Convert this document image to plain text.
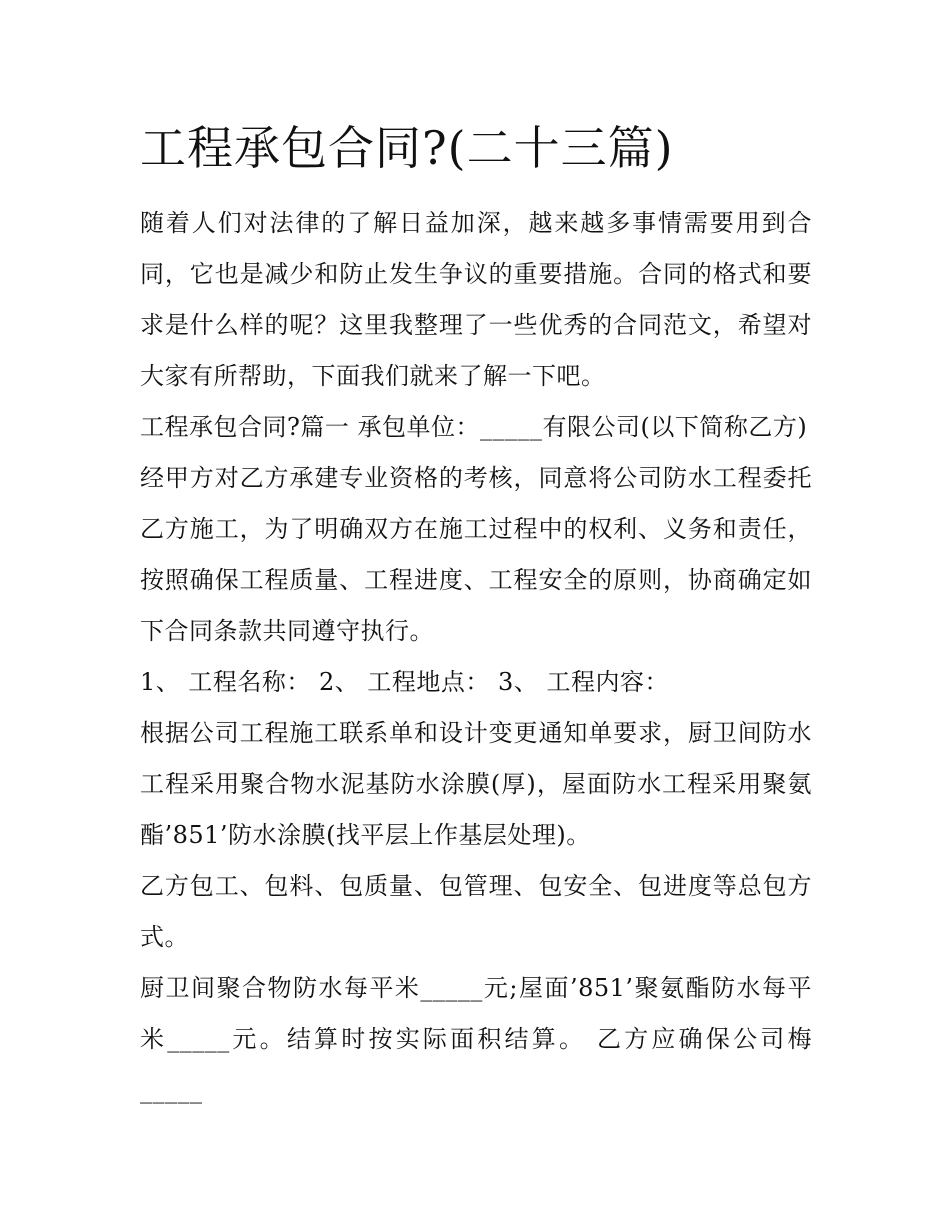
工程承包合同?(二十三篇)

随着人们对法律的了解日益加深，越来越多事情需要用到合同，它也是减少和防止发生争议的重要措施。合同的格式和要求是什么样的呢？这里我整理了一些优秀的合同范文，希望对大家有所帮助，下面我们就来了解一下吧。

工程承包合同?篇一 承包单位：_____有限公司(以下简称乙方)

经甲方对乙方承建专业资格的考核，同意将公司防水工程委托乙方施工，为了明确双方在施工过程中的权利、义务和责任，按照确保工程质量、工程进度、工程安全的原则，协商确定如下合同条款共同遵守执行。

1、 工程名称： 2、 工程地点： 3、 工程内容：

根据公司工程施工联系单和设计变更通知单要求，厨卫间防水工程采用聚合物水泥基防水涂膜(厚)，屋面防水工程采用聚氨酯’851’防水涂膜(找平层上作基层处理)。

乙方包工、包料、包质量、包管理、包安全、包进度等总包方式。

厨卫间聚合物防水每平米_____元;屋面’851’聚氨酯防水每平米_____元。结算时按实际面积结算。 乙方应确保公司梅_____
